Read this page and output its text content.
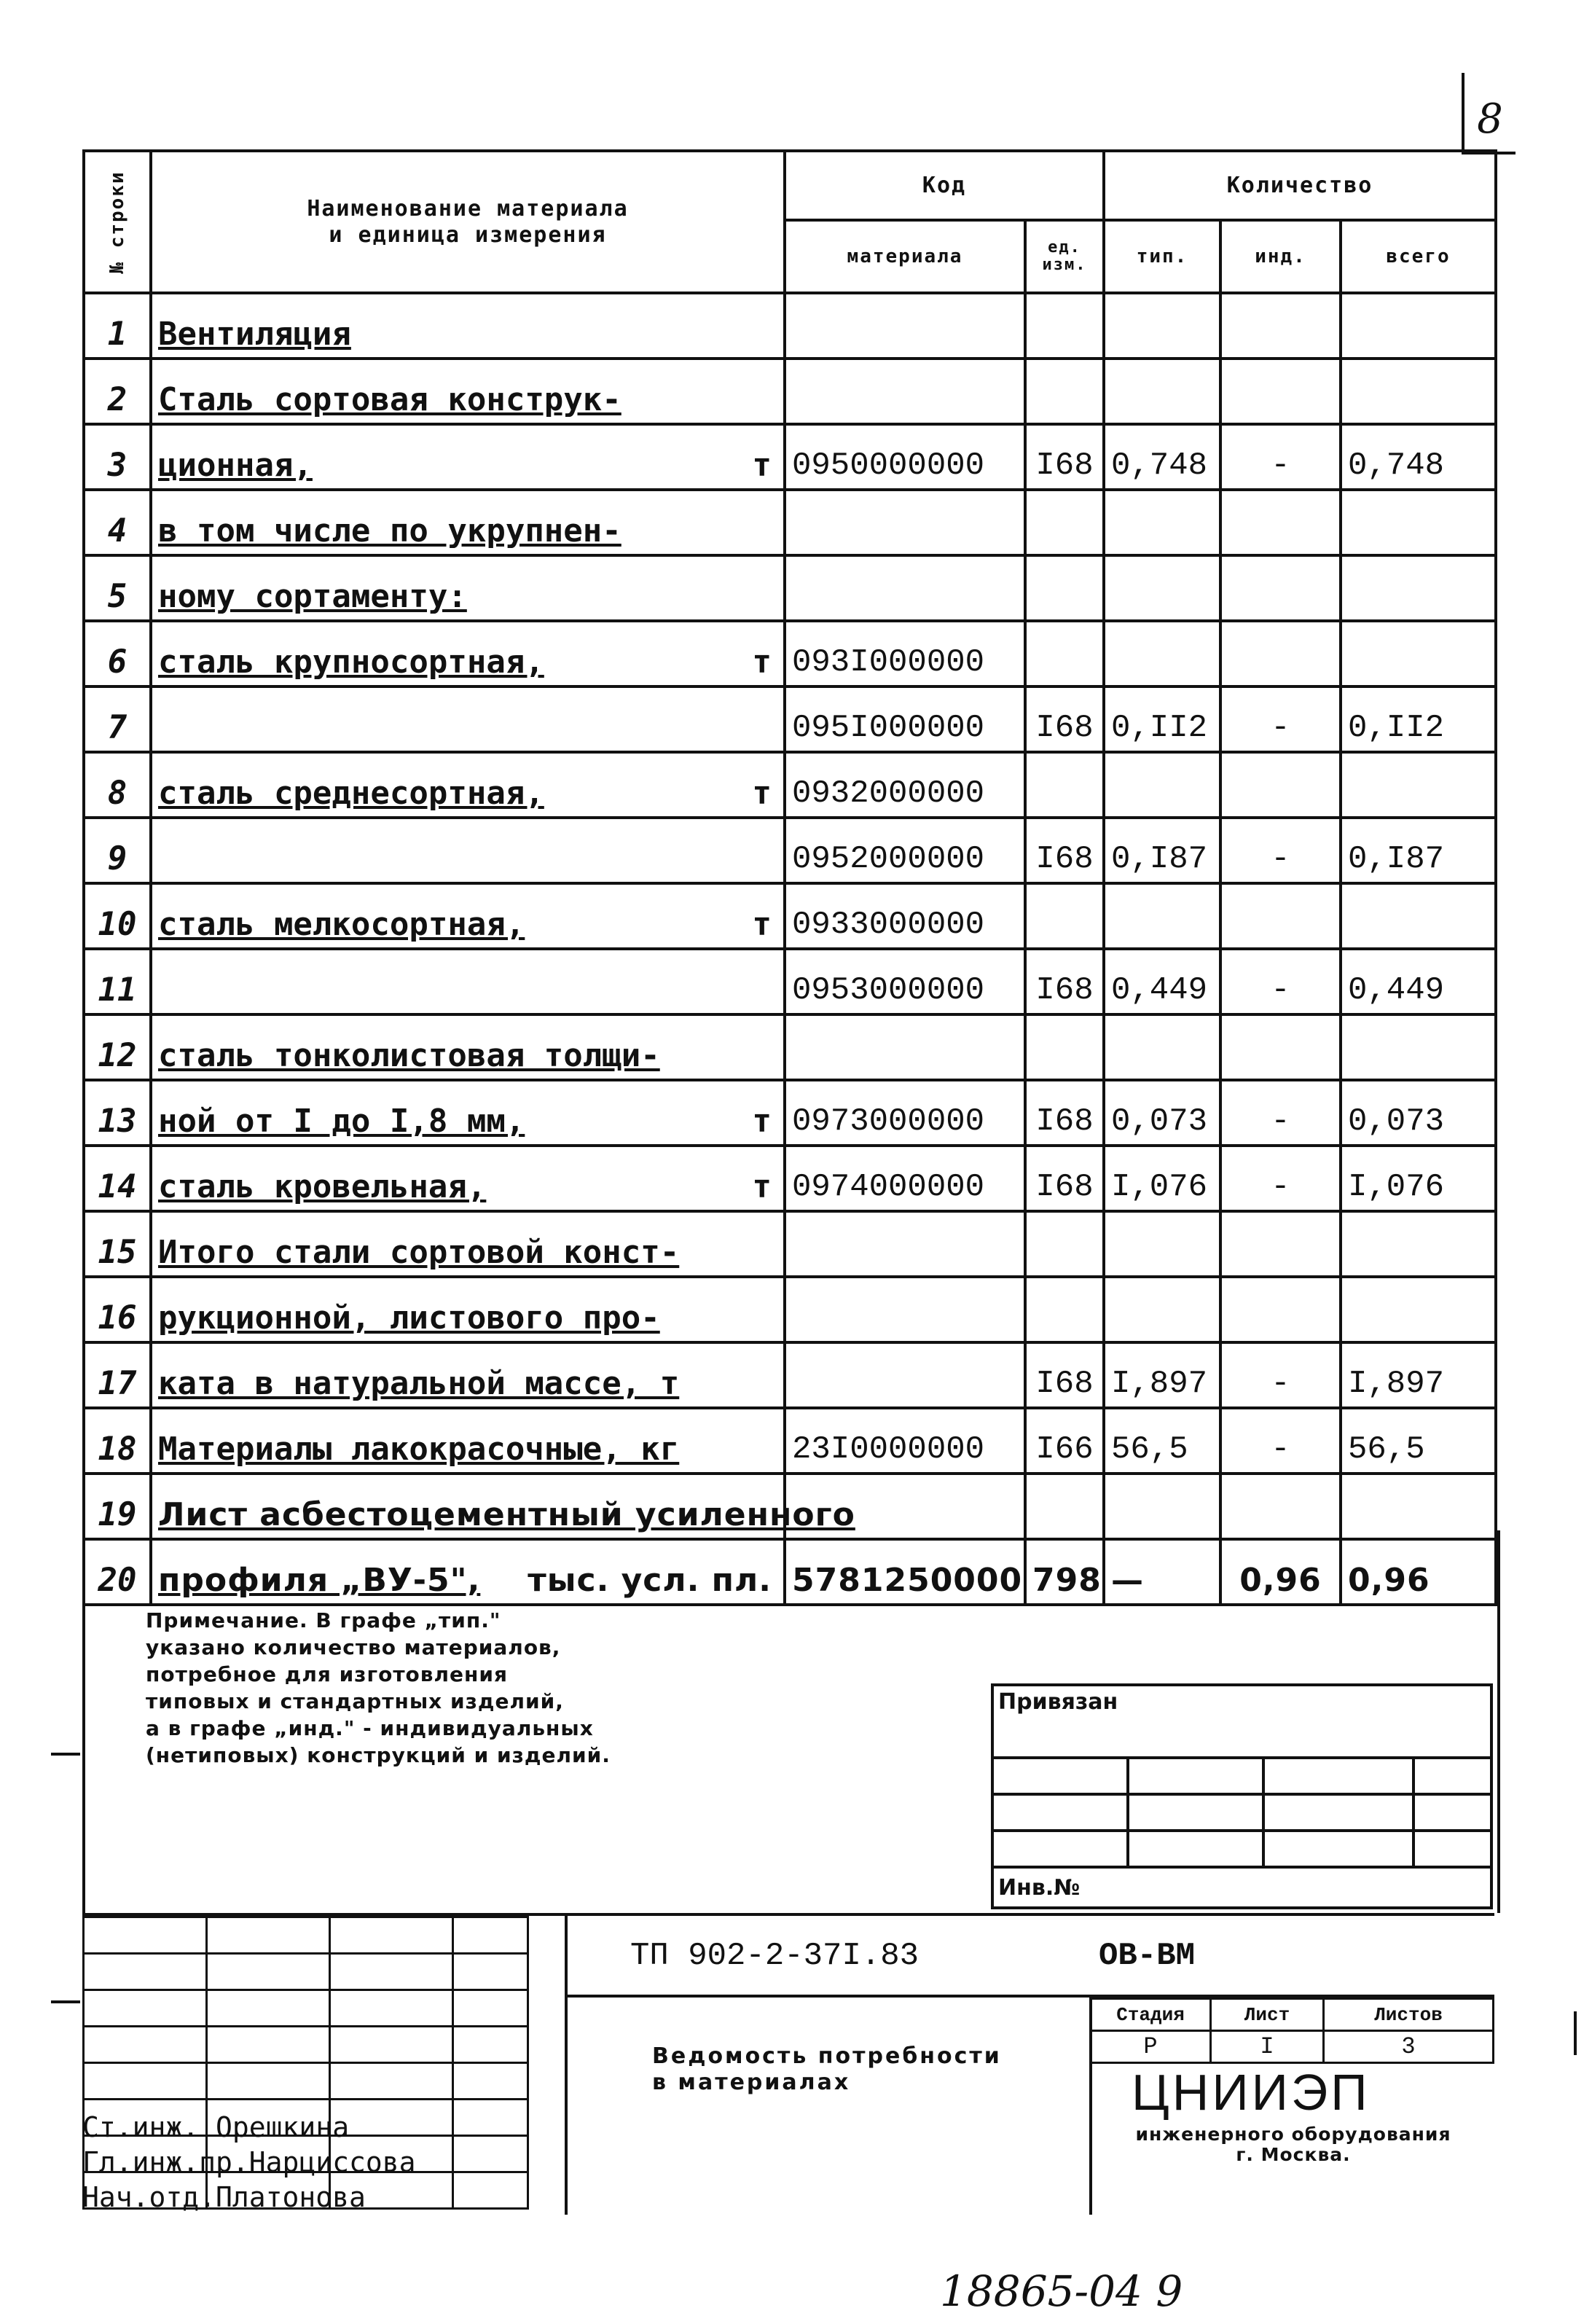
8
№ строки	Наименование материала
и единица измерения	Код		Количество		
		материала	ед. изм.	тип.	инд.	всего
1	Вентиляция

2	Сталь сортовая конструк-

3	ционная, т	0950000000	I68	0,748	-	0,748
4	в том числе по укрупнен-

5	ному сортаменту:

6	сталь крупносортная, т	093I000000				
7		095I000000	I68	0,II2	-	0,II2
8	сталь среднесортная, т	0932000000				
9		0952000000	I68	0,I87	-	0,I87
10	сталь мелкосортная, т	0933000000				
11		0953000000	I68	0,449	-	0,449
12	сталь тонколистовая толщи-

13	ной от I до I,8 мм, т	0973000000	I68	0,073	-	0,073
14	сталь кровельная, т	0974000000	I68	I,076	-	I,076
15	Итого стали сортовой конст-

16	рукционной, листового про-

17	ката в натуральной массе, т		I68	I,897	-	I,897
18	Материалы лакокрасочные, кг	23I0000000	I66	56,5	-	56,5
19	Лист асбестоцементный усиленного

20	профиля „ВУ-5", тыс. усл. пл.	5781250000	798	—	0,96	0,96
Примечание. В графе „тип."
указано количество материалов,
потребное для изготовления
типовых и стандартных изделий,
а в графе „инд." - индивидуальных
(нетиповых) конструкций и изделий.
Привязан			

Инв.№			

Ст.инж. Орешкина
Гл.инж.пр.Нарциссова
Нач.отд.Платонова
ТП 902-2-37I.83	ОВ-ВМ
Ведомость потребности
в материалах
Стадия	Лист	Листов
Р	I	3
ЦНИИЭП
инженерного оборудования
г. Москва.
18865-04 9
